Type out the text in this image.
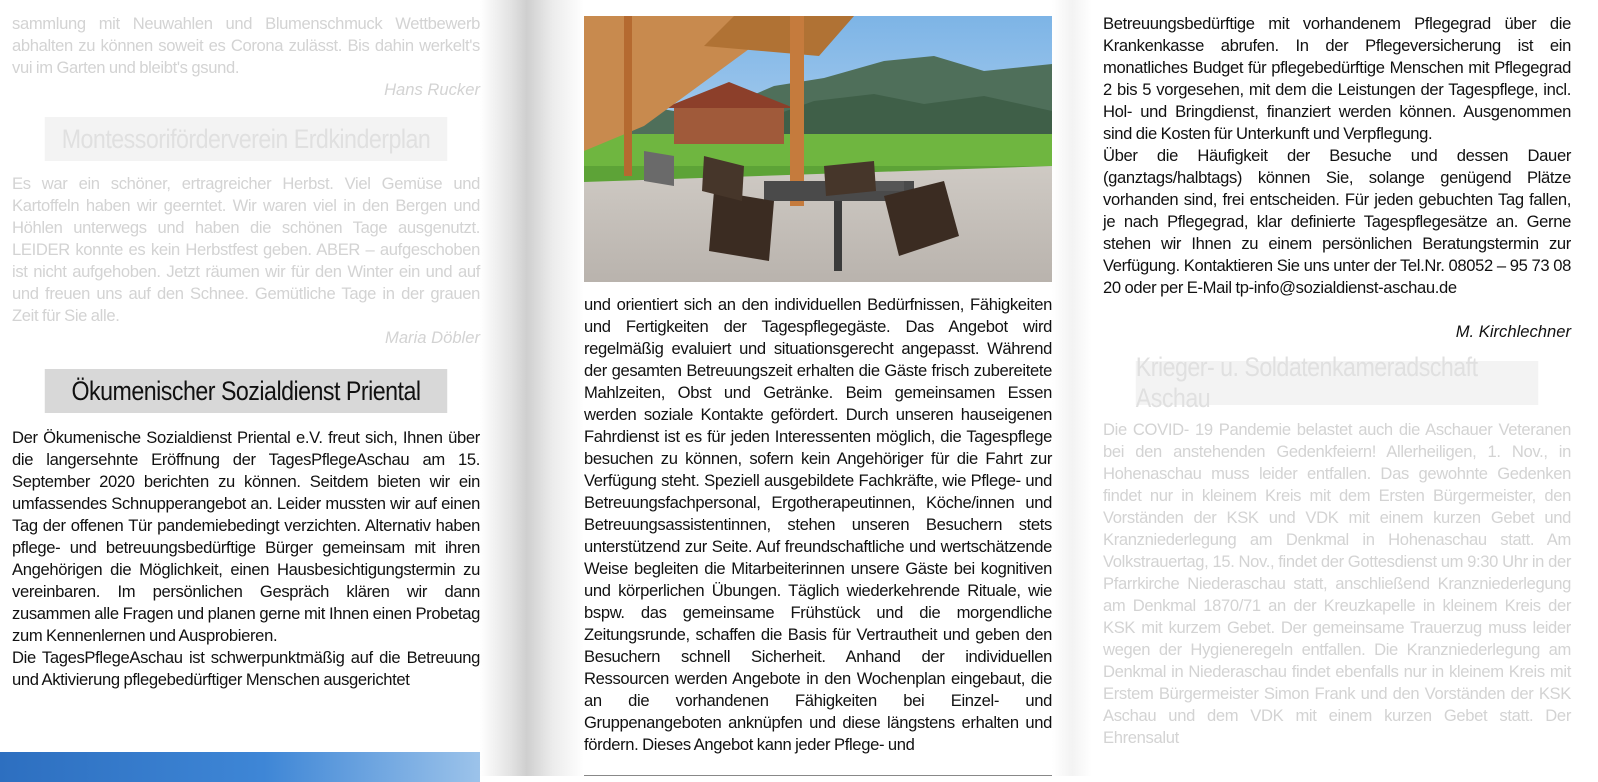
sammlung mit Neuwahlen und Blumenschmuck Wettbewerb abhalten zu können soweit es Corona zulässt. Bis dahin werkelt's vui im Garten und bleibt's gsund.

Hans Rucker

Montessoriförderverein Erdkinderplan

Es war ein schöner, ertragreicher Herbst. Viel Gemüse und Kartoffeln haben wir geerntet. Wir waren viel in den Bergen und Höhlen unterwegs und haben die schönen Tage ausgenutzt. LEIDER konnte es kein Herbstfest geben. ABER – aufgeschoben ist nicht aufgehoben. Jetzt räumen wir für den Winter ein und auf und freuen uns auf den Schnee. Gemütliche Tage in der grauen Zeit für Sie alle.

Maria Döbler

Ökumenischer Sozialdienst Priental

Der Ökumenische Sozialdienst Priental e.V. freut sich, Ihnen über die langersehnte Eröffnung der TagesPflegeAschau am 15. September 2020 berichten zu können. Seitdem bieten wir ein umfassendes Schnupperangebot an. Leider mussten wir auf einen Tag der offenen Tür pandemiebedingt verzichten. Alternativ haben pflege- und betreuungsbedürftige Bürger gemeinsam mit ihren Angehörigen die Möglichkeit, einen Hausbesichtigungstermin zu vereinbaren. Im persönlichen Gespräch klären wir dann zusammen alle Fragen und planen gerne mit Ihnen einen Probetag zum Kennenlernen und Ausprobieren.

Die TagesPflegeAschau ist schwerpunktmäßig auf die Betreuung und Aktivierung pflegebedürftiger Menschen ausgerichtet

und orientiert sich an den individuellen Bedürfnissen, Fähigkeiten und Fertigkeiten der Tagespflegegäste. Das Angebot wird regelmäßig evaluiert und situationsgerecht angepasst. Während der gesamten Betreuungszeit erhalten die Gäste frisch zubereitete Mahlzeiten, Obst und Getränke. Beim gemeinsamen Essen werden soziale Kontakte gefördert. Durch unseren hauseigenen Fahrdienst ist es für jeden Interessenten möglich, die Tagespflege besuchen zu können, sofern kein Angehöriger für die Fahrt zur Verfügung steht. Speziell ausgebildete Fachkräfte, wie Pflege- und Betreuungsfachpersonal, Ergotherapeutinnen, Köche/innen und Betreuungsassistentinnen, stehen unseren Besuchern stets unterstützend zur Seite. Auf freundschaftliche und wertschätzende Weise begleiten die Mitarbeiterinnen unsere Gäste bei kognitiven und körperlichen Übungen. Täglich wiederkehrende Rituale, wie bspw. das gemeinsame Frühstück und die morgendliche Zeitungsrunde, schaffen die Basis für Vertrautheit und geben den Besuchern schnell Sicherheit. Anhand der individuellen Ressourcen werden Angebote in den Wochenplan eingebaut, die an die vorhandenen Fähigkeiten bei Einzel- und Gruppenangeboten anknüpfen und diese längstens erhalten und fördern. Dieses Angebot kann jeder Pflege- und

Betreuungsbedürftige mit vorhandenem Pflegegrad über die Krankenkasse abrufen. In der Pflegeversicherung ist ein monatliches Budget für pflegebedürftige Menschen mit Pflegegrad 2 bis 5 vorgesehen, mit dem die Leistungen der Tagespflege, incl. Hol- und Bringdienst, finanziert werden können. Ausgenommen sind die Kosten für Unterkunft und Verpflegung.

Über die Häufigkeit der Besuche und dessen Dauer (ganztags/halbtags) können Sie, solange genügend Plätze vorhanden sind, frei entscheiden. Für jeden gebuchten Tag fallen, je nach Pflegegrad, klar definierte Tagespflegesätze an. Gerne stehen wir Ihnen zu einem persönlichen Beratungstermin zur Verfügung. Kontaktieren Sie uns unter der Tel.Nr. 08052 – 95 73 08 20 oder per E-Mail tp-info@sozialdienst-aschau.de

M. Kirchlechner

Krieger- u. Soldatenkameradschaft Aschau

Die COVID- 19 Pandemie belastet auch die Aschauer Veteranen bei den anstehenden Gedenkfeiern! Allerheiligen, 1. Nov., in Hohenaschau muss leider entfallen. Das gewohnte Gedenken findet nur in kleinem Kreis mit dem Ersten Bürgermeister, den Vorständen der KSK und VDK mit einem kurzen Gebet und Kranzniederlegung am Denkmal in Hohenaschau statt. Am Volkstrauertag, 15. Nov., findet der Gottesdienst um 9:30 Uhr in der Pfarrkirche Niederaschau statt, anschließend Kranzniederlegung am Denkmal 1870/71 an der Kreuzkapelle in kleinem Kreis der KSK mit kurzem Gebet. Der gemeinsame Trauerzug muss leider wegen der Hygieneregeln entfallen. Die Kranzniederlegung am Denkmal in Niederaschau findet ebenfalls nur in kleinem Kreis mit Erstem Bürgermeister Simon Frank und den Vorständen der KSK Aschau und dem VDK mit einem kurzen Gebet statt. Der Ehrensalut
